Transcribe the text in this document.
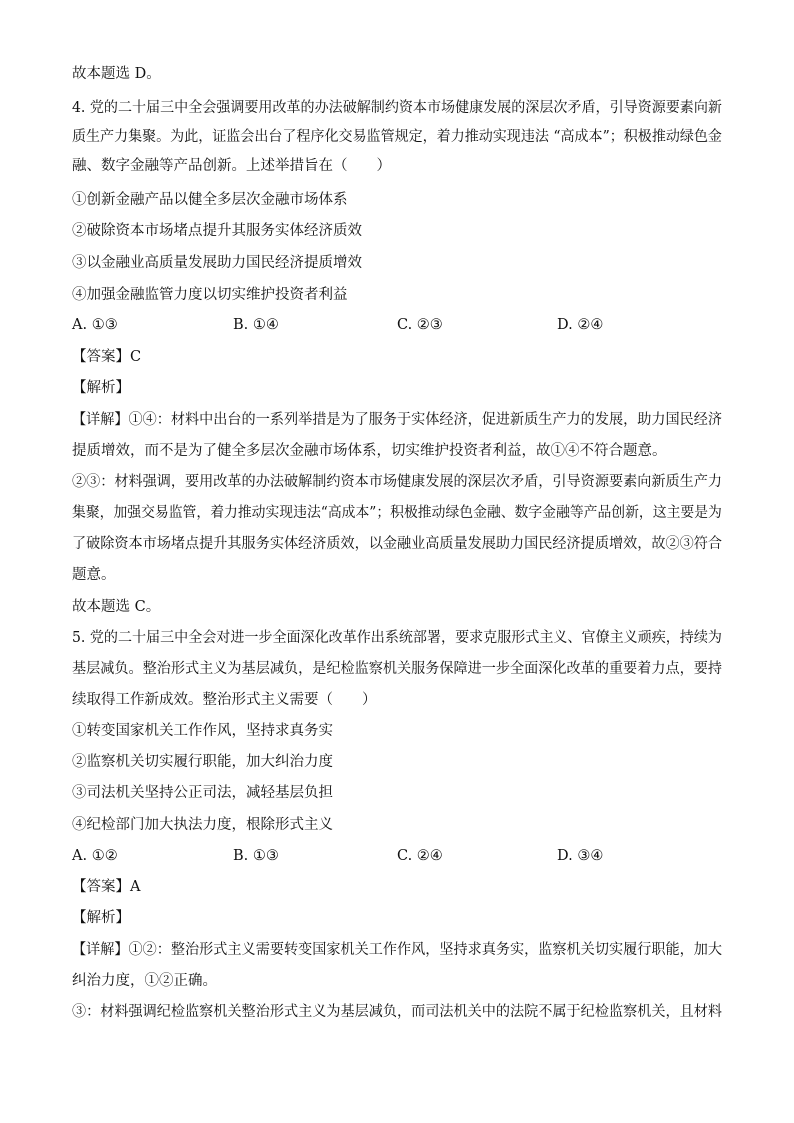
故本题选 D。
4. 党的二十届三中全会强调要用改革的办法破解制约资本市场健康发展的深层次矛盾，引导资源要素向新
质生产力集聚。为此，证监会出台了程序化交易监管规定，着力推动实现违法 “高成本”；积极推动绿色金
融、数字金融等产品创新。上述举措旨在（　　）
①创新金融产品以健全多层次金融市场体系
②破除资本市场堵点提升其服务实体经济质效
③以金融业高质量发展助力国民经济提质增效
④加强金融监管力度以切实维护投资者利益
A. ①③	B. ①④	C. ②③	D. ②④
【答案】C
【解析】
【详解】①④：材料中出台的一系列举措是为了服务于实体经济，促进新质生产力的发展，助力国民经济
提质增效，而不是为了健全多层次金融市场体系，切实维护投资者利益，故①④不符合题意。
②③：材料强调，要用改革的办法破解制约资本市场健康发展的深层次矛盾，引导资源要素向新质生产力
集聚，加强交易监管，着力推动实现违法“高成本”；积极推动绿色金融、数字金融等产品创新，这主要是为
了破除资本市场堵点提升其服务实体经济质效，以金融业高质量发展助力国民经济提质增效，故②③符合
题意。
故本题选 C。
5. 党的二十届三中全会对进一步全面深化改革作出系统部署，要求克服形式主义、官僚主义顽疾，持续为
基层减负。整治形式主义为基层减负，是纪检监察机关服务保障进一步全面深化改革的重要着力点，要持
续取得工作新成效。整治形式主义需要（　　）
①转变国家机关工作作风，坚持求真务实
②监察机关切实履行职能，加大纠治力度
③司法机关坚持公正司法，减轻基层负担
④纪检部门加大执法力度，根除形式主义
A. ①②	B. ①③	C. ②④	D. ③④
【答案】A
【解析】
【详解】①②：整治形式主义需要转变国家机关工作作风，坚持求真务实，监察机关切实履行职能，加大
纠治力度，①②正确。
③：材料强调纪检监察机关整治形式主义为基层减负，而司法机关中的法院不属于纪检监察机关，且材料
